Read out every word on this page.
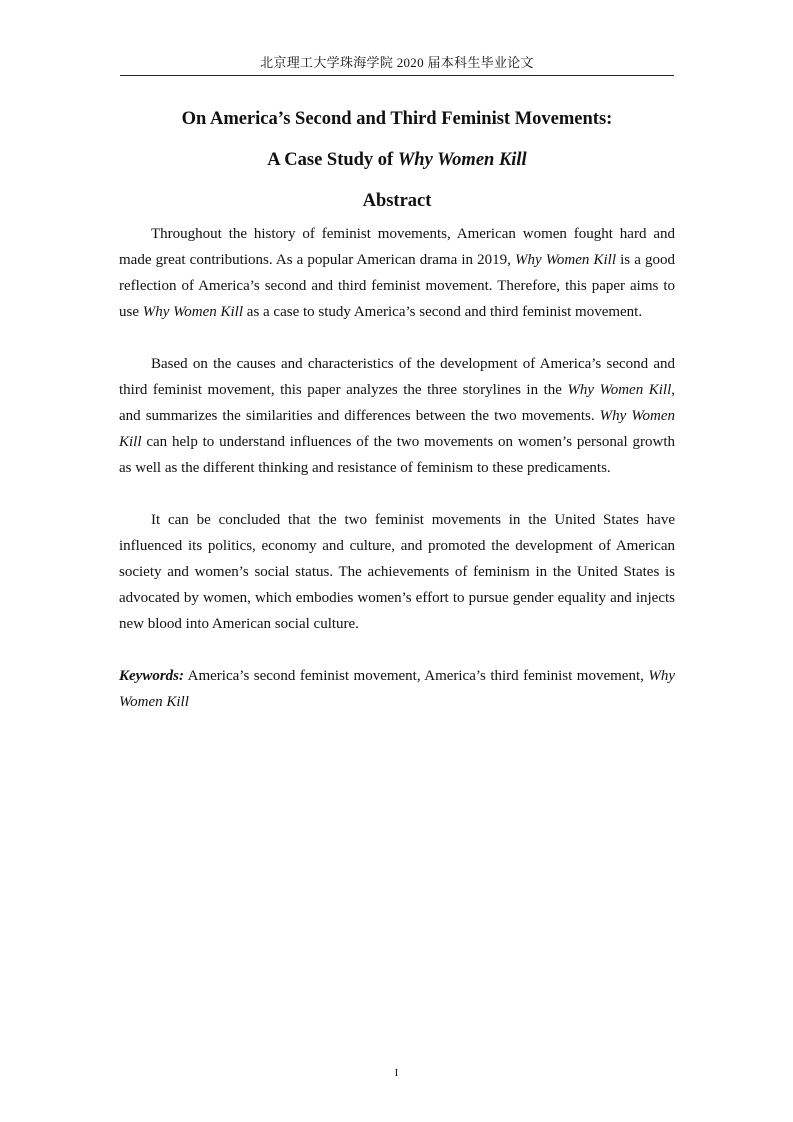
北京理工大学珠海学院 2020 届本科生毕业论文
On America’s Second and Third Feminist Movements:
A Case Study of Why Women Kill
Abstract

Throughout the history of feminist movements, American women fought hard and made great contributions. As a popular American drama in 2019, Why Women Kill is a good reflection of America’s second and third feminist movement. Therefore, this paper aims to use Why Women Kill as a case to study America’s second and third feminist movement.

Based on the causes and characteristics of the development of America’s second and third feminist movement, this paper analyzes the three storylines in the Why Women Kill, and summarizes the similarities and differences between the two movements. Why Women Kill can help to understand influences of the two movements on women’s personal growth as well as the different thinking and resistance of feminism to these predicaments.

It can be concluded that the two feminist movements in the United States have influenced its politics, economy and culture, and promoted the development of American society and women’s social status. The achievements of feminism in the United States is advocated by women, which embodies women’s effort to pursue gender equality and injects new blood into American social culture.

Keywords: America’s second feminist movement, America’s third feminist movement, Why Women Kill

I
